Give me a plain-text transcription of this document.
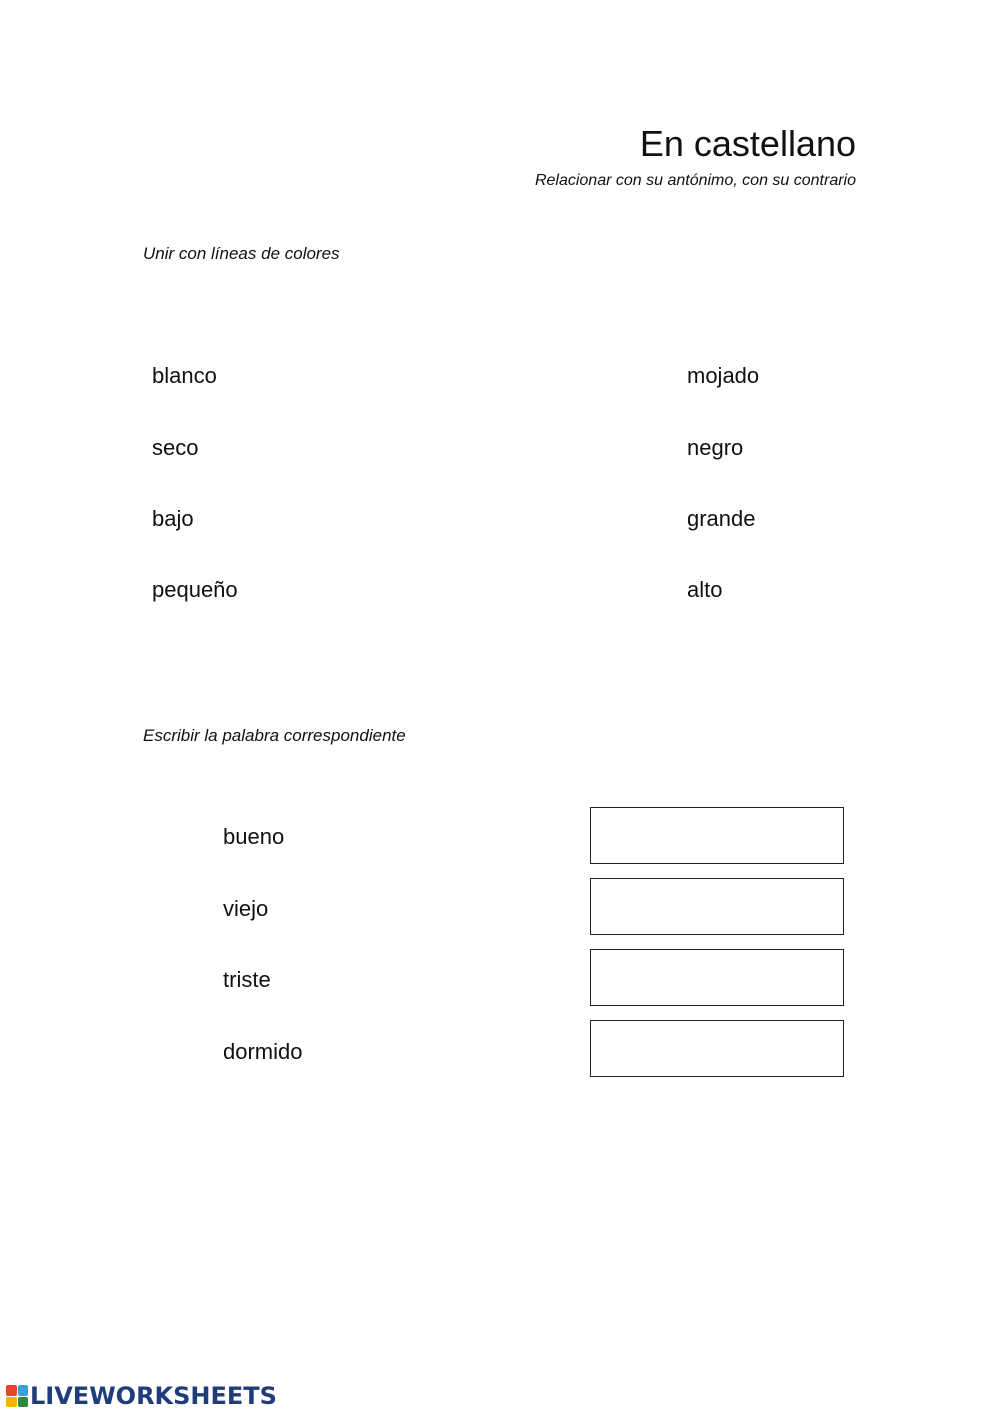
En castellano
Relacionar con su antónimo, con su contrario
Unir con líneas de colores
blanco
seco
bajo
pequeño
mojado
negro
grande
alto
Escribir la palabra correspondiente
bueno
viejo
triste
dormido
LIVEWORKSHEETS
